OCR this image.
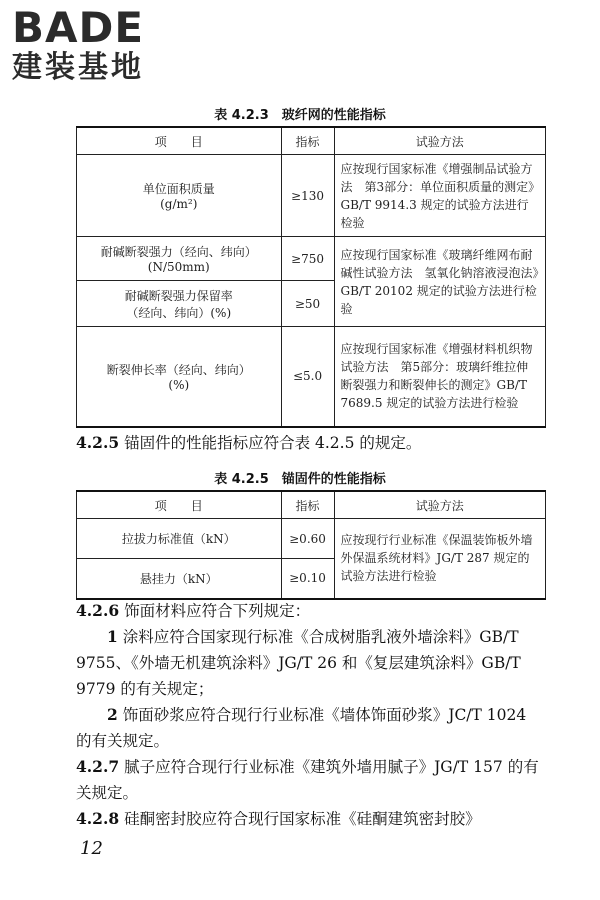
BADE
建装基地
表 4.2.3　玻纤网的性能指标
项　　目	指标	试验方法
单位面积质量
(g/m²)	≥130	应按现行国家标准《增强制品试验方法　第3部分：单位面积质量的测定》GB/T 9914.3 规定的试验方法进行检验
耐碱断裂强力（经向、纬向）
(N/50mm)	≥750	应按现行国家标准《玻璃纤维网布耐碱性试验方法　氢氧化钠溶液浸泡法》GB/T 20102 规定的试验方法进行检验
耐碱断裂强力保留率
（经向、纬向）(%)	≥50	
断裂伸长率（经向、纬向）
(%)	≤5.0	应按现行国家标准《增强材料机织物试验方法　第5部分：玻璃纤维拉伸断裂强力和断裂伸长的测定》GB/T 7689.5 规定的试验方法进行检验
4.2.5 锚固件的性能指标应符合表 4.2.5 的规定。
表 4.2.5　锚固件的性能指标
项　　目	指标	试验方法
拉拔力标准值（kN）	≥0.60	应按现行行业标准《保温装饰板外墙外保温系统材料》JG/T 287 规定的试验方法进行检验
悬挂力（kN）	≥0.10	
4.2.6 饰面材料应符合下列规定：
1 涂料应符合国家现行标准《合成树脂乳液外墙涂料》GB/T 9755、《外墙无机建筑涂料》JG/T 26 和《复层建筑涂料》GB/T 9779 的有关规定；
2 饰面砂浆应符合现行行业标准《墙体饰面砂浆》JC/T 1024 的有关规定。
4.2.7 腻子应符合现行行业标准《建筑外墙用腻子》JG/T 157 的有关规定。
4.2.8 硅酮密封胶应符合现行国家标准《硅酮建筑密封胶》
12
